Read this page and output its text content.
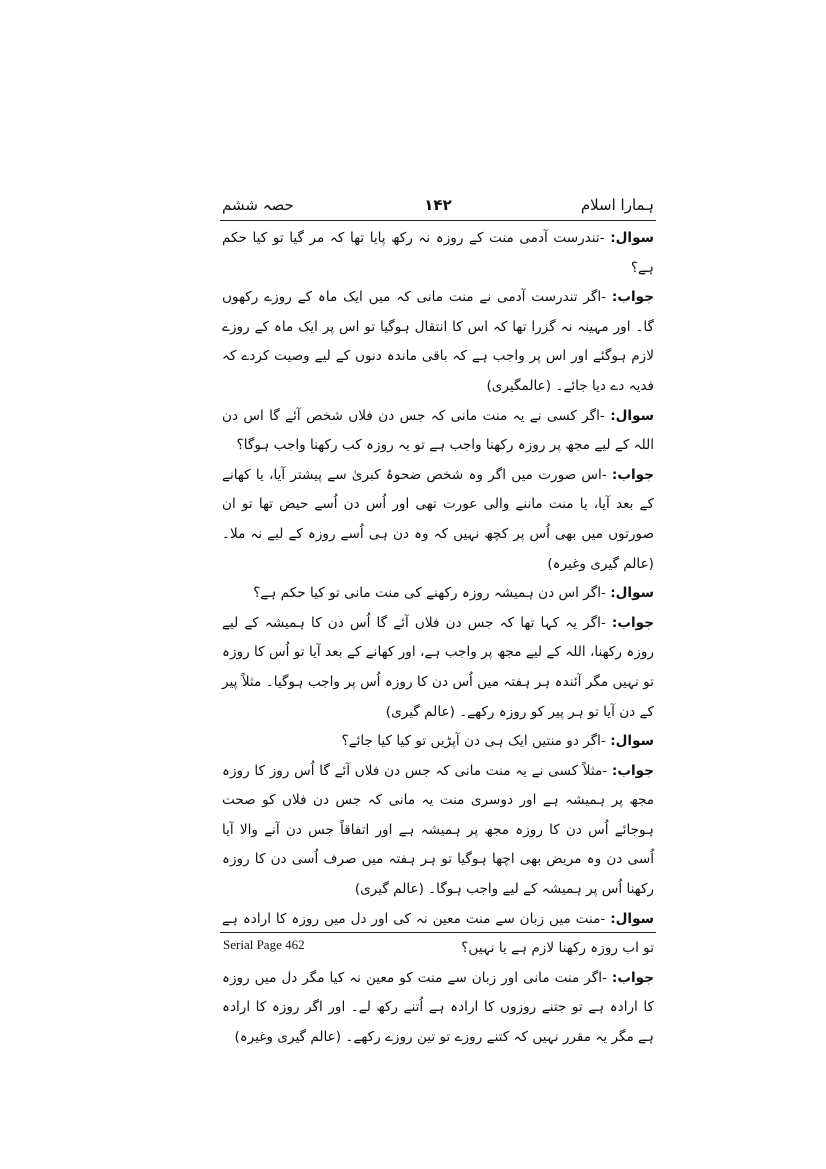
ہمارا اسلام
۱۴۲
حصہ ششم

سوال: -تندرست آدمی منت کے روزہ نہ رکھ پایا تھا کہ مر گیا تو کیا حکم ہے؟

جواب: -اگر تندرست آدمی نے منت مانی کہ میں ایک ماہ کے روزے رکھوں گا۔ اور مہینہ نہ گزرا تھا کہ اس کا انتقال ہوگیا تو اس پر ایک ماہ کے روزے لازم ہوگئے اور اس پر واجب ہے کہ باقی ماندہ دنوں کے لیے وصیت کردے کہ فدیہ دے دیا جائے۔ (عالمگیری)

سوال: -اگر کسی نے یہ منت مانی کہ جس دن فلاں شخص آئے گا اس دن اللہ کے لیے مجھ پر روزہ رکھنا واجب ہے تو یہ روزہ کب رکھنا واجب ہوگا؟

جواب: -اس صورت میں اگر وہ شخص ضحوۂ کبریٰ سے پیشتر آیا، یا کھانے کے بعد آیا، یا منت ماننے والی عورت تھی اور اُس دن اُسے حیض تھا تو ان صورتوں میں بھی اُس پر کچھ نہیں کہ وہ دن ہی اُسے روزہ کے لیے نہ ملا۔ (عالم گیری وغیرہ)

سوال: -اگر اس دن ہمیشہ روزہ رکھنے کی منت مانی تو کیا حکم ہے؟

جواب: -اگر یہ کہا تھا کہ جس دن فلاں آئے گا اُس دن کا ہمیشہ کے لیے روزہ رکھنا، اللہ کے لیے مجھ پر واجب ہے، اور کھانے کے بعد آیا تو اُس کا روزہ تو نہیں مگر آئندہ ہر ہفتہ میں اُس دن کا روزہ اُس پر واجب ہوگیا۔ مثلاً پیر کے دن آیا تو ہر پیر کو روزہ رکھے۔ (عالم گیری)

سوال: -اگر دو منتیں ایک ہی دن آپڑیں تو کیا کیا جائے؟

جواب: -مثلاً کسی نے یہ منت مانی کہ جس دن فلاں آئے گا اُس روز کا روزہ مجھ پر ہمیشہ ہے اور دوسری منت یہ مانی کہ جس دن فلاں کو صحت ہوجائے اُس دن کا روزہ مجھ پر ہمیشہ ہے اور اتفاقاً جس دن آنے والا آیا اُسی دن وہ مریض بھی اچھا ہوگیا تو ہر ہفتہ میں صرف اُسی دن کا روزہ رکھنا اُس پر ہمیشہ کے لیے واجب ہوگا۔ (عالم گیری)

سوال: -منت میں زبان سے منت معین نہ کی اور دل میں روزہ کا ارادہ ہے تو اب روزہ رکھنا لازم ہے یا نہیں؟

جواب: -اگر منت مانی اور زبان سے منت کو معین نہ کیا مگر دل میں روزہ کا ارادہ ہے تو جتنے روزوں کا ارادہ ہے اُتنے رکھ لے۔ اور اگر روزہ کا ارادہ ہے مگر یہ مقرر نہیں کہ کتنے روزے تو تین روزے رکھے۔ (عالم گیری وغیرہ)

Serial Page 462
